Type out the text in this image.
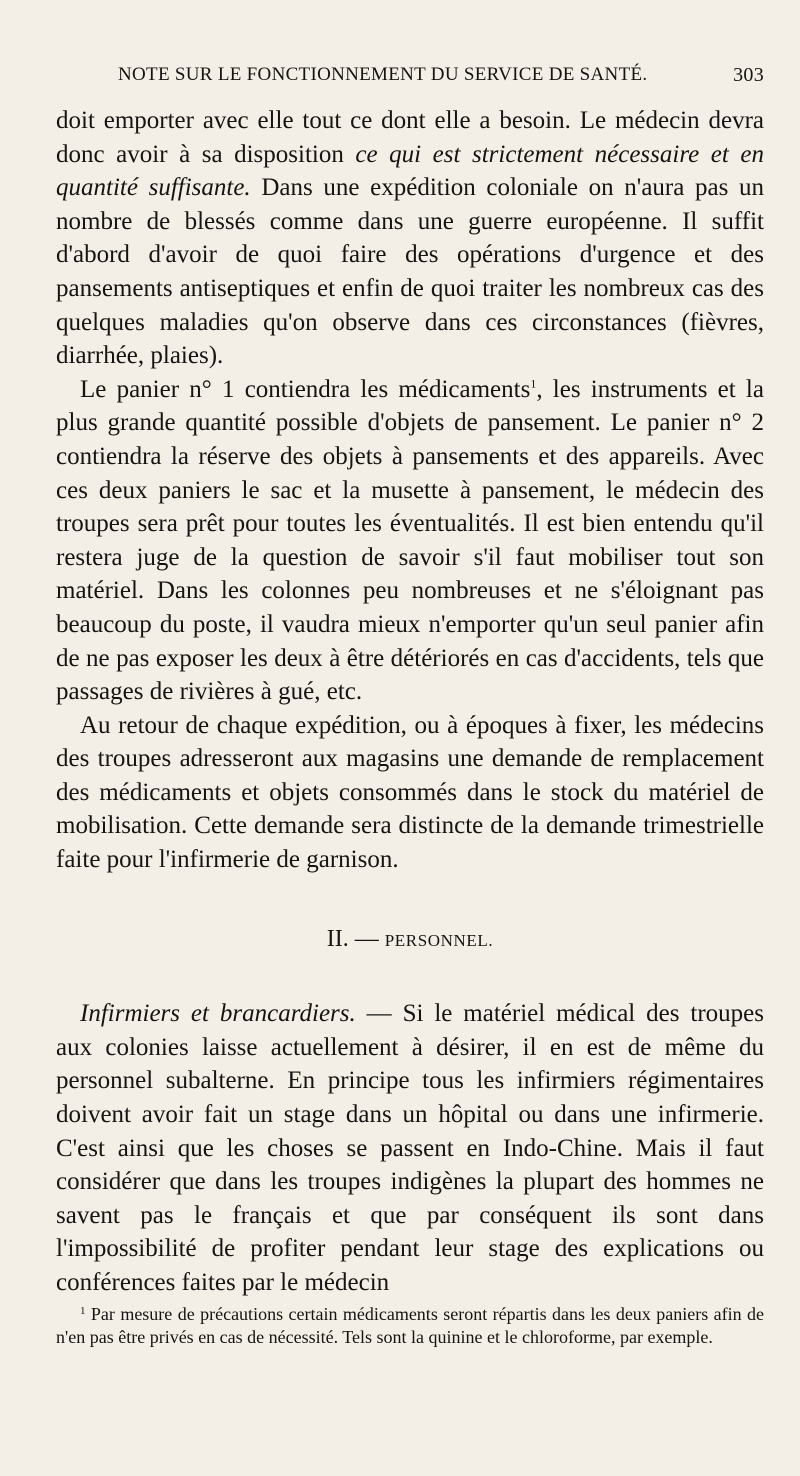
NOTE SUR LE FONCTIONNEMENT DU SERVICE DE SANTÉ.	303

doit emporter avec elle tout ce dont elle a besoin. Le médecin devra donc avoir à sa disposition ce qui est strictement nécessaire et en quantité suffisante. Dans une expédition coloniale on n'aura pas un nombre de blessés comme dans une guerre européenne. Il suffit d'abord d'avoir de quoi faire des opérations d'urgence et des pansements antiseptiques et enfin de quoi traiter les nombreux cas des quelques maladies qu'on observe dans ces circonstances (fièvres, diarrhée, plaies).

Le panier n° 1 contiendra les médicaments$^1$, les instruments et la plus grande quantité possible d'objets de pansement. Le panier n° 2 contiendra la réserve des objets à pansements et des appareils. Avec ces deux paniers le sac et la musette à pansement, le médecin des troupes sera prêt pour toutes les éventualités. Il est bien entendu qu'il restera juge de la question de savoir s'il faut mobiliser tout son matériel. Dans les colonnes peu nombreuses et ne s'éloignant pas beaucoup du poste, il vaudra mieux n'emporter qu'un seul panier afin de ne pas exposer les deux à être détériorés en cas d'accidents, tels que passages de rivières à gué, etc.

Au retour de chaque expédition, ou à époques à fixer, les médecins des troupes adresseront aux magasins une demande de remplacement des médicaments et objets consommés dans le stock du matériel de mobilisation. Cette demande sera distincte de la demande trimestrielle faite pour l'infirmerie de garnison.

II. — PERSONNEL.

Infirmiers et brancardiers. — Si le matériel médical des troupes aux colonies laisse actuellement à désirer, il en est de même du personnel subalterne. En principe tous les infirmiers régimentaires doivent avoir fait un stage dans un hôpital ou dans une infirmerie. C'est ainsi que les choses se passent en Indo-Chine. Mais il faut considérer que dans les troupes indigènes la plupart des hommes ne savent pas le français et que par conséquent ils sont dans l'impossibilité de profiter pendant leur stage des explications ou conférences faites par le médecin

$^1$ Par mesure de précautions certain médicaments seront répartis dans les deux paniers afin de n'en pas être privés en cas de nécessité. Tels sont la quinine et le chloroforme, par exemple.
